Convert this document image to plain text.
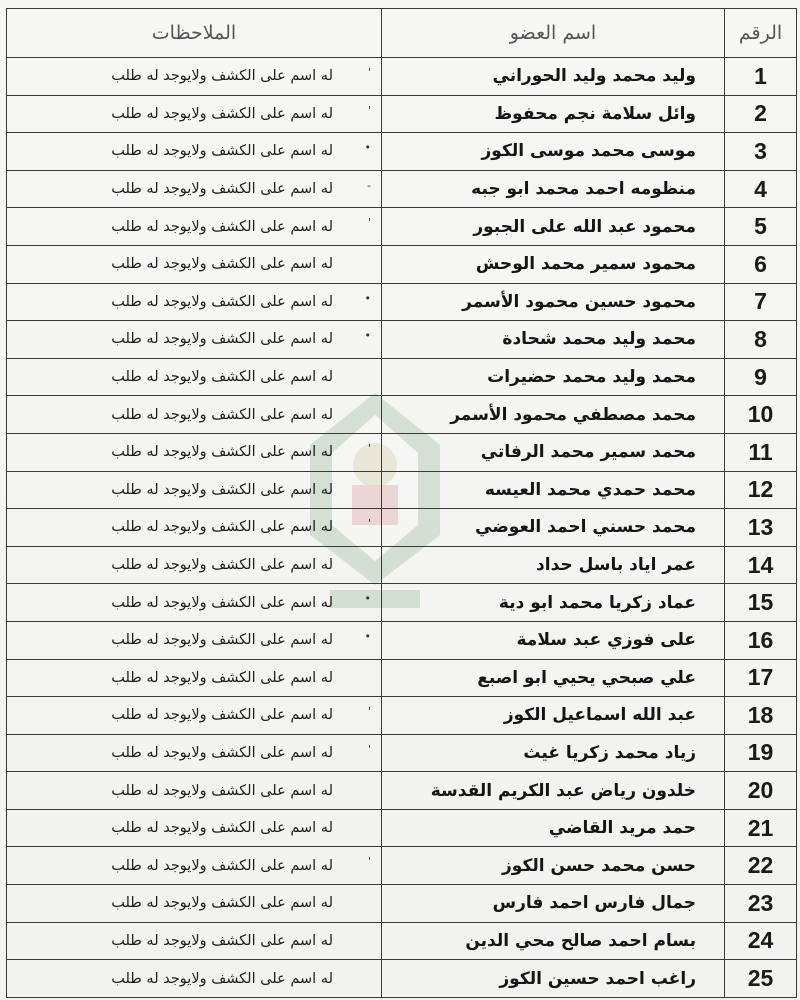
الرقم	اسم العضو	الملاحظات
1	وليد محمد وليد الحوراني	'
له اسم على الكشف ولايوجد له طلب
2	وائل سلامة نجم محفوظ	'
له اسم على الكشف ولايوجد له طلب
3	موسى محمد موسى الكوز	•
له اسم على الكشف ولايوجد له طلب
4	منظومه احمد محمد ابو جبه	-
له اسم على الكشف ولايوجد له طلب
5	محمود عبد الله على الجبور	'
له اسم على الكشف ولايوجد له طلب
6	محمود سمير محمد الوحش	له اسم على الكشف ولايوجد له طلب
7	محمود حسين محمود الأسمر	•
له اسم على الكشف ولايوجد له طلب
8	محمد وليد محمد شحادة	•
له اسم على الكشف ولايوجد له طلب
9	محمد وليد محمد حضيرات	له اسم على الكشف ولايوجد له طلب
10	محمد مصطفي محمود الأسمر	له اسم على الكشف ولايوجد له طلب
11	محمد سمير محمد الرفاتي	'
له اسم على الكشف ولايوجد له طلب
12	محمد حمدي محمد العيسه	له اسم على الكشف ولايوجد له طلب
13	محمد حسني احمد العوضي	'
له اسم على الكشف ولايوجد له طلب
14	عمر اياد باسل حداد	له اسم على الكشف ولايوجد له طلب
15	عماد زكريا محمد ابو دية	•
له اسم على الكشف ولايوجد له طلب
16	على فوزي عبد سلامة	•
له اسم على الكشف ولايوجد له طلب
17	علي صبحي يحيي ابو اصبع	له اسم على الكشف ولايوجد له طلب
18	عبد الله اسماعيل الكوز	'
له اسم على الكشف ولايوجد له طلب
19	زياد محمد زكريا غيث	'
له اسم على الكشف ولايوجد له طلب
20	خلدون رياض عبد الكريم القدسة	له اسم على الكشف ولايوجد له طلب
21	حمد مريد القاضي	له اسم على الكشف ولايوجد له طلب
22	حسن محمد حسن الكوز	'
له اسم على الكشف ولايوجد له طلب
23	جمال فارس احمد فارس	له اسم على الكشف ولايوجد له طلب
24	بسام احمد صالح محي الدين	له اسم على الكشف ولايوجد له طلب
25	راغب احمد حسين الكوز	له اسم على الكشف ولايوجد له طلب
